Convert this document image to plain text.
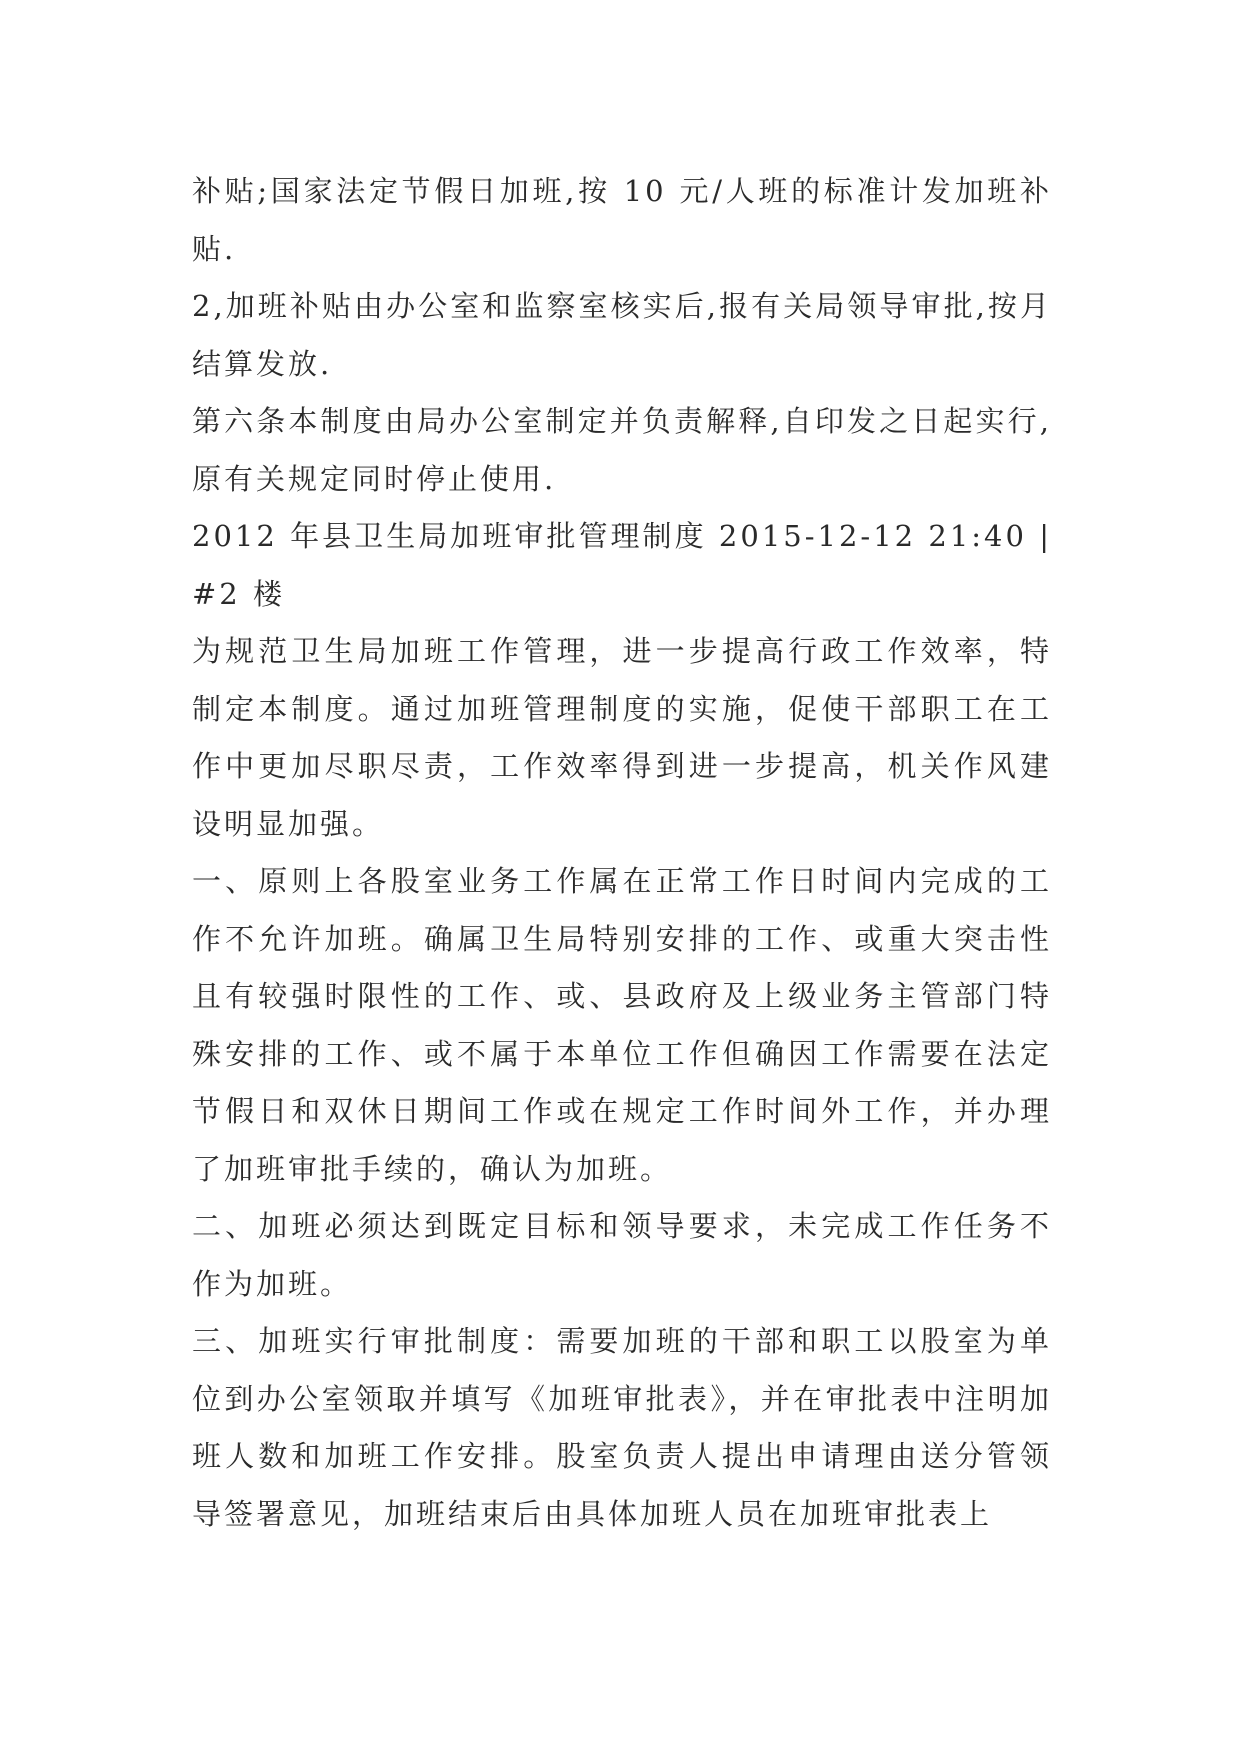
补贴;国家法定节假日加班,按 10 元/人班的标准计发加班补贴.

2,加班补贴由办公室和监察室核实后,报有关局领导审批,按月结算发放.

第六条本制度由局办公室制定并负责解释,自印发之日起实行,原有关规定同时停止使用.

2012 年县卫生局加班审批管理制度 2015-12-12 21:40 | #2 楼

为规范卫生局加班工作管理，进一步提高行政工作效率，特制定本制度。通过加班管理制度的实施，促使干部职工在工作中更加尽职尽责，工作效率得到进一步提高，机关作风建设明显加强。

一、原则上各股室业务工作属在正常工作日时间内完成的工作不允许加班。确属卫生局特别安排的工作、或重大突击性且有较强时限性的工作、或、县政府及上级业务主管部门特殊安排的工作、或不属于本单位工作但确因工作需要在法定节假日和双休日期间工作或在规定工作时间外工作，并办理了加班审批手续的，确认为加班。

二、加班必须达到既定目标和领导要求，未完成工作任务不作为加班。

三、加班实行审批制度：需要加班的干部和职工以股室为单位到办公室领取并填写《加班审批表》，并在审批表中注明加班人数和加班工作安排。股室负责人提出申请理由送分管领导签署意见，加班结束后由具体加班人员在加班审批表上
